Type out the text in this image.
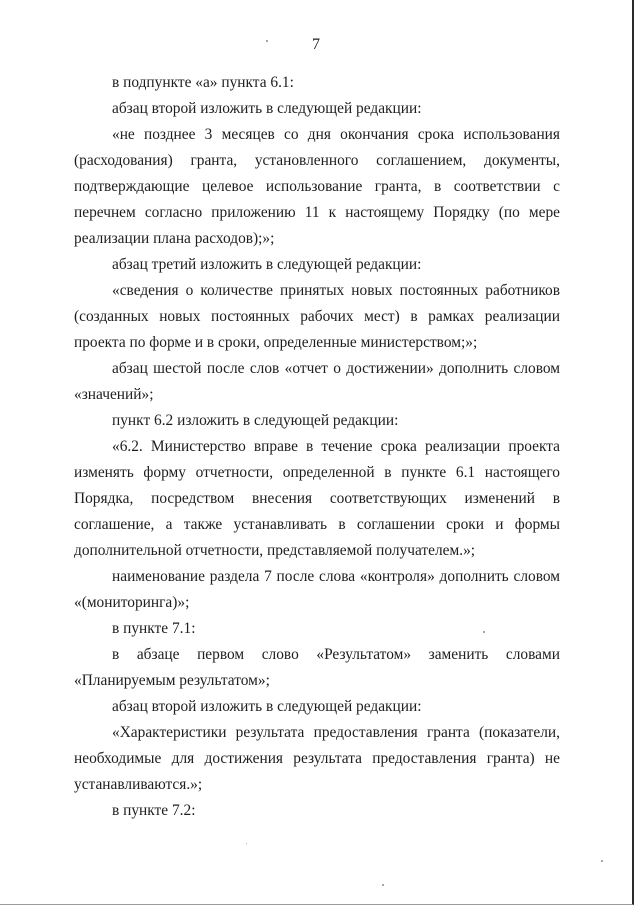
7

в подпункте «а» пункта 6.1:

абзац второй изложить в следующей редакции:

«не позднее 3 месяцев со дня окончания срока использования (расходования) гранта, установленного соглашением, документы, подтверждающие целевое использование гранта, в соответствии с перечнем согласно приложению 11 к настоящему Порядку (по мере реализации плана расходов);»;

абзац третий изложить в следующей редакции:

«сведения о количестве принятых новых постоянных работников (созданных новых постоянных рабочих мест) в рамках реализации проекта по форме и в сроки, определенные министерством;»;

абзац шестой после слов «отчет о достижении» дополнить словом «значений»;

пункт 6.2 изложить в следующей редакции:

«6.2. Министерство вправе в течение срока реализации проекта изменять форму отчетности, определенной в пункте 6.1 настоящего Порядка, посредством внесения соответствующих изменений в соглашение, а также устанавливать в соглашении сроки и формы дополнительной отчетности, представляемой получателем.»;

наименование раздела 7 после слова «контроля» дополнить словом «(мониторинга)»;

в пункте 7.1:

в абзаце первом слово «Результатом» заменить словами «Планируемым результатом»;

абзац второй изложить в следующей редакции:

«Характеристики результата предоставления гранта (показатели, необходимые для достижения результата предоставления гранта) не устанавливаются.»;

в пункте 7.2:
